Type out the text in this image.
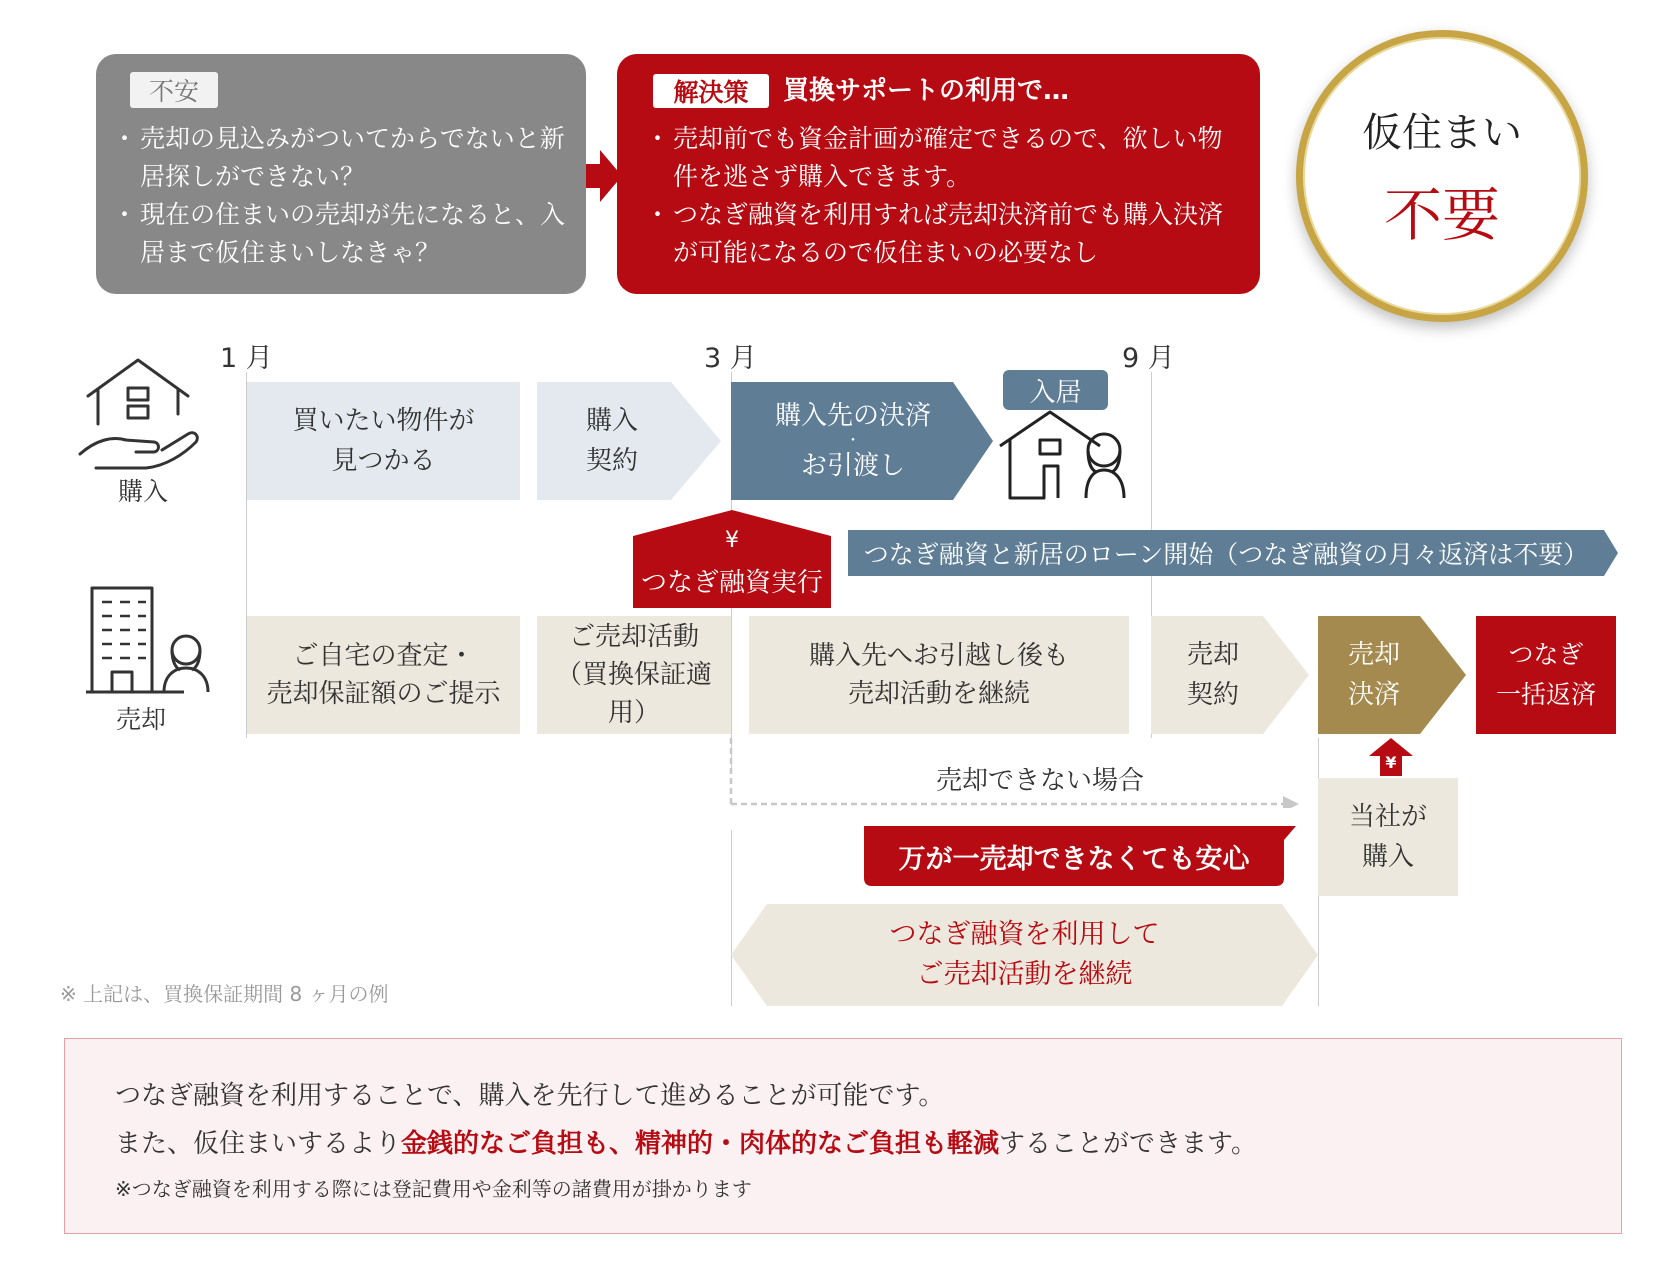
不安
・ 売却の見込みがついてからでないと新居探しができない？
・ 現在の住まいの売却が先になると、入居まで仮住まいしなきゃ？
解決策	買換サポートの利用で…
・ 売却前でも資金計画が確定できるので、欲しい物件を逃さず購入できます。
・ つなぎ融資を利用すれば売却決済前でも購入決済が可能になるので仮住まいの必要なし
仮住まい
不要
1 月	3 月	9 月
購入
買いたい物件が
見つかる
購入
契約
購入先の決済
・
お引渡し
入居
¥
つなぎ融資実行
つなぎ融資と新居のローン開始（つなぎ融資の月々返済は不要）
売却
ご自宅の査定・
売却保証額のご提示
ご売却活動
（買換保証適用）
購入先へお引越し後も
売却活動を継続
売却
契約
売却
決済
つなぎ
一括返済
売却できない場合
万が一売却できなくても安心
つなぎ融資を利用して
ご売却活動を継続
¥
当社が
購入
※ 上記は、買換保証期間 8 ヶ月の例
つなぎ融資を利用することで、購入を先行して進めることが可能です。
また、仮住まいするより金銭的なご負担も、精神的・肉体的なご負担も軽減することができます。
※つなぎ融資を利用する際には登記費用や金利等の諸費用が掛かります
